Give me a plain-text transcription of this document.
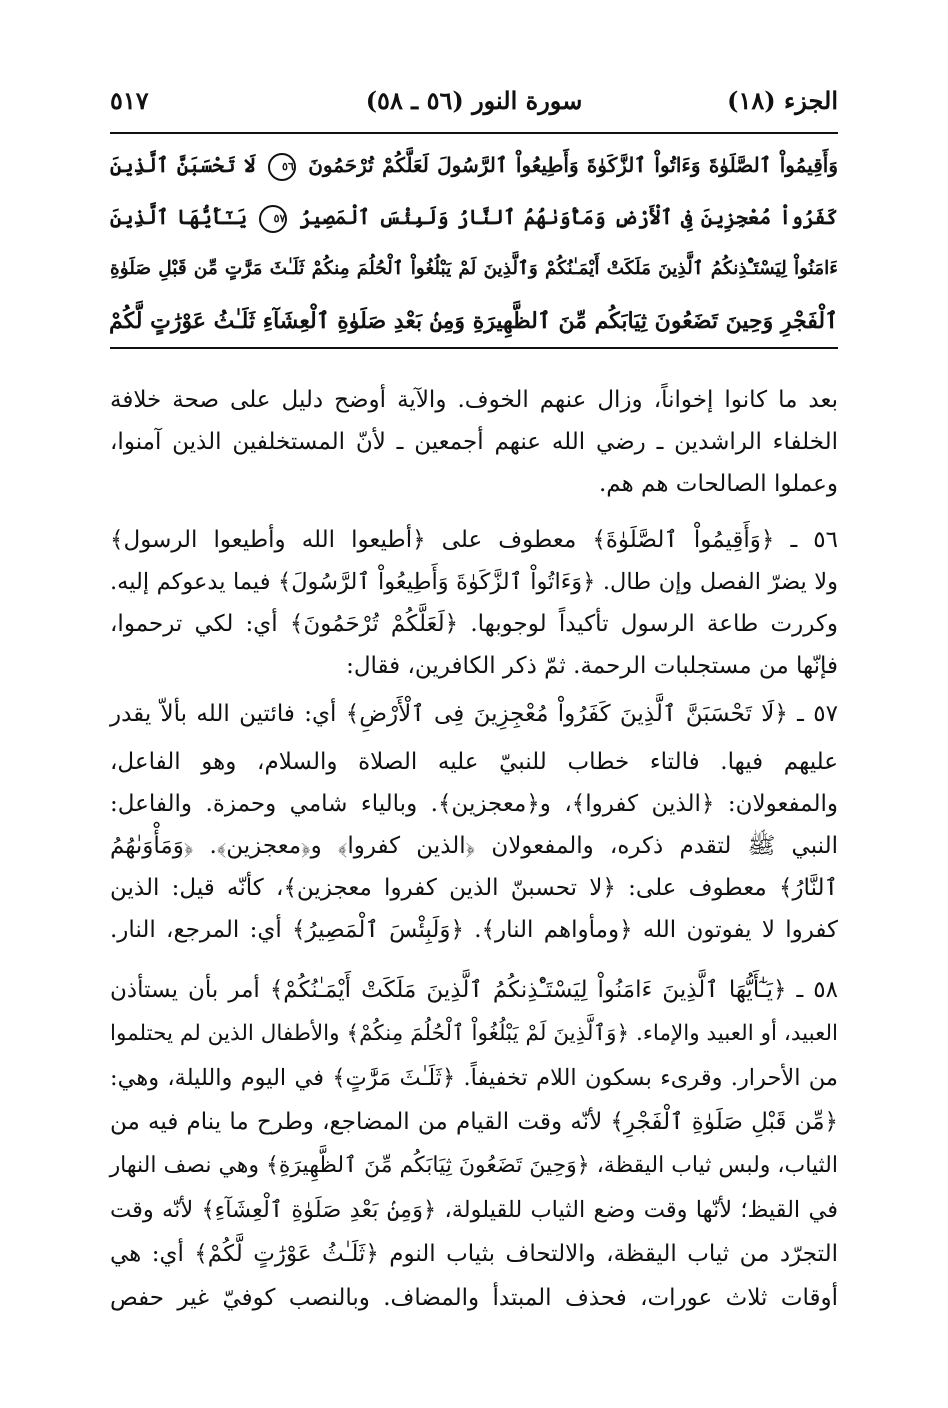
الجزء (١٨)
سورة النور (٥٦ ـ ٥٨)
٥١٧
وَأَقِيمُواْ ٱلصَّلَوٰةَ وَءَاتُواْ ٱلزَّكَوٰةَ وَأَطِيعُواْ ٱلرَّسُولَ لَعَلَّكُمْ تُرْحَمُونَ ٥٦ لَا تَحْسَبَنَّ ٱلَّذِينَ
كَفَرُواْ مُعْجِزِينَ فِى ٱلْأَرْضِ وَمَأْوَىٰهُمُ ٱلنَّارُ وَلَبِئْسَ ٱلْمَصِيرُ ٥٧ يَـٰٓأَيُّهَا ٱلَّذِينَ
ءَامَنُواْ لِيَسْتَـْٔذِنكُمُ ٱلَّذِينَ مَلَكَتْ أَيْمَـٰنُكُمْ وَٱلَّذِينَ لَمْ يَبْلُغُواْ ٱلْحُلُمَ مِنكُمْ ثَلَـٰثَ مَرَّٰتٍ مِّن قَبْلِ صَلَوٰةِ
ٱلْفَجْرِ وَحِينَ تَضَعُونَ ثِيَابَكُم مِّنَ ٱلظَّهِيرَةِ وَمِنۢ بَعْدِ صَلَوٰةِ ٱلْعِشَآءِ ثَلَـٰثُ عَوْرَٰتٍ لَّكُمْ
بعد ما كانوا إخواناً، وزال عنهم الخوف. والآية أوضح دليل على صحة خلافة
الخلفاء الراشدين ـ رضي الله عنهم أجمعين ـ لأنّ المستخلفين الذين آمنوا،
وعملوا الصالحات هم هم.
٥٦ ـ ﴿وَأَقِيمُواْ ٱلصَّلَوٰةَ﴾ معطوف على ﴿أطيعوا الله وأطيعوا الرسول﴾
ولا يضرّ الفصل وإن طال. ﴿وَءَاتُواْ ٱلزَّكَوٰةَ وَأَطِيعُواْ ٱلرَّسُولَ﴾ فيما يدعوكم إليه.
وكررت طاعة الرسول تأكيداً لوجوبها. ﴿لَعَلَّكُمْ تُرْحَمُونَ﴾ أي: لكي ترحموا،
فإنّها من مستجلبات الرحمة. ثمّ ذكر الكافرين، فقال:
٥٧ ـ ﴿لَا تَحْسَبَنَّ ٱلَّذِينَ كَفَرُواْ مُعْجِزِينَ فِى ٱلْأَرْضِ﴾ أي: فائتين الله بألاّ يقدر
عليهم فيها. فالتاء خطاب للنبيّ عليه الصلاة والسلام، وهو الفاعل،
والمفعولان: ﴿الذين كفروا﴾، و﴿معجزين﴾. وبالياء شامي وحمزة. والفاعل:
النبي ﷺ لتقدم ذكره، والمفعولان ﴿الذين كفروا﴾ و﴿معجزين﴾. ﴿وَمَأْوَىٰهُمُ
ٱلنَّارُ﴾ معطوف على: ﴿لا تحسبنّ الذين كفروا معجزين﴾، كأنّه قيل: الذين
كفروا لا يفوتون الله ﴿ومأواهم النار﴾. ﴿وَلَبِئْسَ ٱلْمَصِيرُ﴾ أي: المرجع، النار.
٥٨ ـ ﴿يَـٰٓأَيُّهَا ٱلَّذِينَ ءَامَنُواْ لِيَسْتَـْٔذِنكُمُ ٱلَّذِينَ مَلَكَتْ أَيْمَـٰنُكُمْ﴾ أمر بأن يستأذن
العبيد، أو العبيد والإماء. ﴿وَٱلَّذِينَ لَمْ يَبْلُغُواْ ٱلْحُلُمَ مِنكُمْ﴾ والأطفال الذين لم يحتلموا
من الأحرار. وقرىء بسكون اللام تخفيفاً. ﴿ثَلَـٰثَ مَرَّٰتٍ﴾ في اليوم والليلة، وهي:
﴿مِّن قَبْلِ صَلَوٰةِ ٱلْفَجْرِ﴾ لأنّه وقت القيام من المضاجع، وطرح ما ينام فيه من
الثياب، ولبس ثياب اليقظة، ﴿وَحِينَ تَضَعُونَ ثِيَابَكُم مِّنَ ٱلظَّهِيرَةِ﴾ وهي نصف النهار
في القيظ؛ لأنّها وقت وضع الثياب للقيلولة، ﴿وَمِنۢ بَعْدِ صَلَوٰةِ ٱلْعِشَآءِ﴾ لأنّه وقت
التجرّد من ثياب اليقظة، والالتحاف بثياب النوم ﴿ثَلَـٰثُ عَوْرَٰتٍ لَّكُمْ﴾ أي: هي
أوقات ثلاث عورات، فحذف المبتدأ والمضاف. وبالنصب كوفيّ غير حفص
